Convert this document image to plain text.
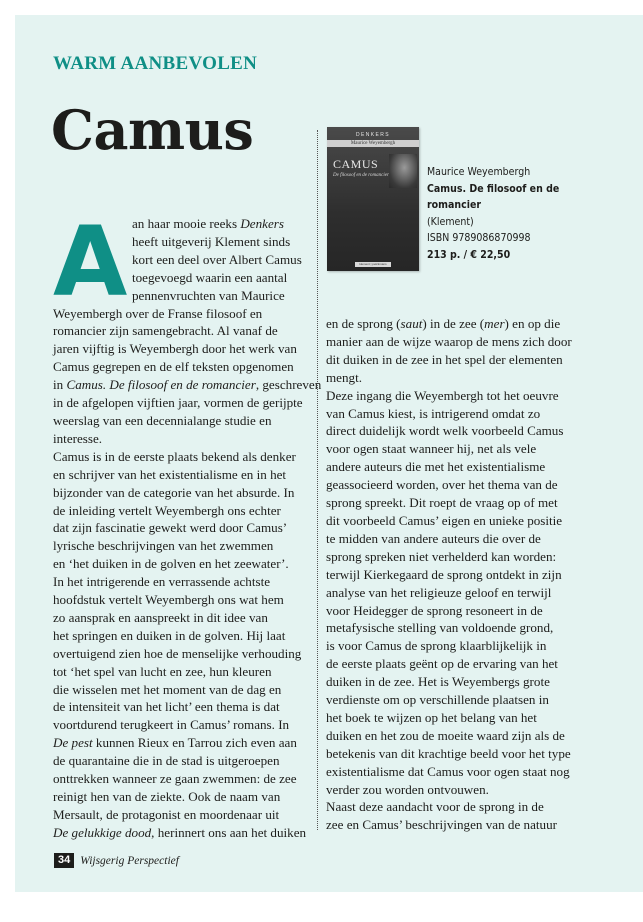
WARM AANBEVOLEN
Camus	DENKERS
Maurice Weyembergh
CAMUS
De filosoof en de romancier
klement | pelckmans
Maurice Weyembergh
Camus. De filosoof en de
romancier
(Klement)
ISBN 9789086870998
213 p. / € 22,50
A an haar mooie reeks Denkers
heeft uitgeverij Klement sinds
kort een deel over Albert Camus
toegevoegd waarin een aantal
pennenvruchten van Maurice
Weyembergh over de Franse filosoof en
romancier zijn samengebracht. Al vanaf de
jaren vijftig is Weyembergh door het werk van
Camus gegrepen en de elf teksten opgenomen
in Camus. De filosoof en de romancier, geschreven
in de afgelopen vijftien jaar, vormen de gerijpte
weerslag van een decennialange studie en
interesse.
Camus is in de eerste plaats bekend als denker
en schrijver van het existentialisme en in het
bijzonder van de categorie van het absurde. In
de inleiding vertelt Weyembergh ons echter
dat zijn fascinatie gewekt werd door Camus’
lyrische beschrijvingen van het zwemmen
en ‘het duiken in de golven en het zeewater’.
In het intrigerende en verrassende achtste
hoofdstuk vertelt Weyembergh ons wat hem
zo aansprak en aanspreekt in dit idee van
het springen en duiken in de golven. Hij laat
overtuigend zien hoe de menselijke verhouding
tot ‘het spel van lucht en zee, hun kleuren
die wisselen met het moment van de dag en
de intensiteit van het licht’ een thema is dat
voortdurend terugkeert in Camus’ romans. In
De pest kunnen Rieux en Tarrou zich even aan
de quarantaine die in de stad is uitgeroepen
onttrekken wanneer ze gaan zwemmen: de zee
reinigt hen van de ziekte. Ook de naam van
Mersault, de protagonist en moordenaar uit
De gelukkige dood, herinnert ons aan het duiken
en de sprong (saut) in de zee (mer) en op die
manier aan de wijze waarop de mens zich door
dit duiken in de zee in het spel der elementen
mengt.
Deze ingang die Weyembergh tot het oeuvre
van Camus kiest, is intrigerend omdat zo
direct duidelijk wordt welk voorbeeld Camus
voor ogen staat wanneer hij, net als vele
andere auteurs die met het existentialisme
geassocieerd worden, over het thema van de
sprong spreekt. Dit roept de vraag op of met
dit voorbeeld Camus’ eigen en unieke positie
te midden van andere auteurs die over de
sprong spreken niet verhelderd kan worden:
terwijl Kierkegaard de sprong ontdekt in zijn
analyse van het religieuze geloof en terwijl
voor Heidegger de sprong resoneert in de
metafysische stelling van voldoende grond,
is voor Camus de sprong klaarblijkelijk in
de eerste plaats geënt op de ervaring van het
duiken in de zee. Het is Weyembergs grote
verdienste om op verschillende plaatsen in
het boek te wijzen op het belang van het
duiken en het zou de moeite waard zijn als de
betekenis van dit krachtige beeld voor het type
existentialisme dat Camus voor ogen staat nog
verder zou worden ontvouwen.
Naast deze aandacht voor de sprong in de
zee en Camus’ beschrijvingen van de natuur
34 Wijsgerig Perspectief
